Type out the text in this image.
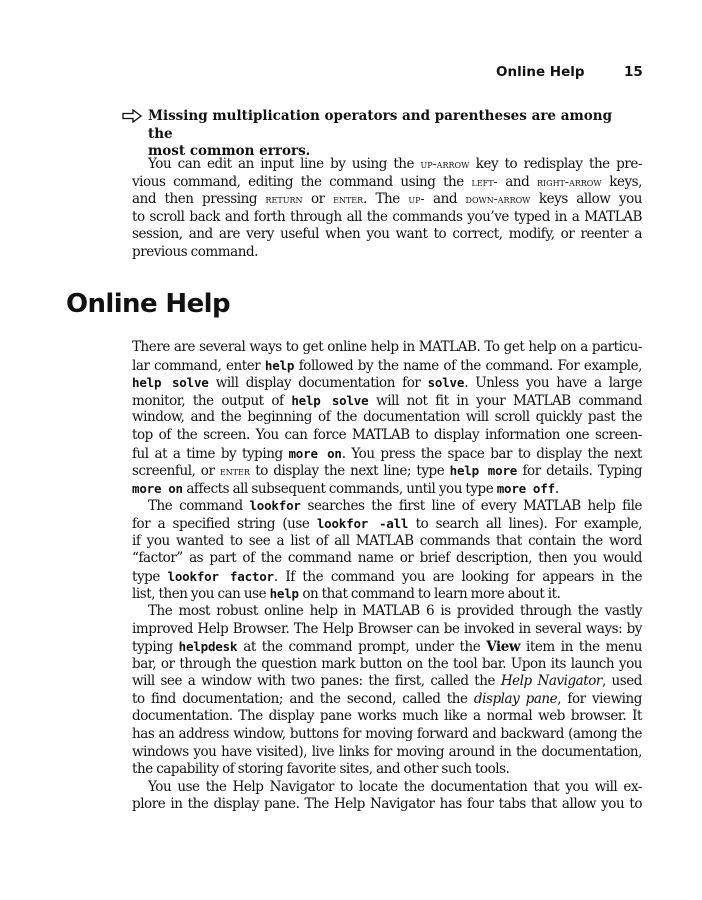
Online Help	15
Missing multiplication operators and parentheses are among the
most common errors.
You can edit an input line by using the up-arrow key to redisplay the pre-
vious command, editing the command using the left- and right-arrow keys,
and then pressing return or enter. The up- and down-arrow keys allow you
to scroll back and forth through all the commands you’ve typed in a MATLAB
session, and are very useful when you want to correct, modify, or reenter a
previous command.
Online Help
There are several ways to get online help in MATLAB. To get help on a particu-
lar command, enter help followed by the name of the command. For example,
help solve will display documentation for solve. Unless you have a large
monitor, the output of help solve will not fit in your MATLAB command
window, and the beginning of the documentation will scroll quickly past the
top of the screen. You can force MATLAB to display information one screen-
ful at a time by typing more on. You press the space bar to display the next
screenful, or enter to display the next line; type help more for details. Typing
more on affects all subsequent commands, until you type more off.
The command lookfor searches the first line of every MATLAB help file
for a specified string (use lookfor -all to search all lines). For example,
if you wanted to see a list of all MATLAB commands that contain the word
“factor” as part of the command name or brief description, then you would
type lookfor factor. If the command you are looking for appears in the
list, then you can use help on that command to learn more about it.
The most robust online help in MATLAB 6 is provided through the vastly
improved Help Browser. The Help Browser can be invoked in several ways: by
typing helpdesk at the command prompt, under the View item in the menu
bar, or through the question mark button on the tool bar. Upon its launch you
will see a window with two panes: the first, called the Help Navigator, used
to find documentation; and the second, called the display pane, for viewing
documentation. The display pane works much like a normal web browser. It
has an address window, buttons for moving forward and backward (among the
windows you have visited), live links for moving around in the documentation,
the capability of storing favorite sites, and other such tools.
You use the Help Navigator to locate the documentation that you will ex-
plore in the display pane. The Help Navigator has four tabs that allow you to
